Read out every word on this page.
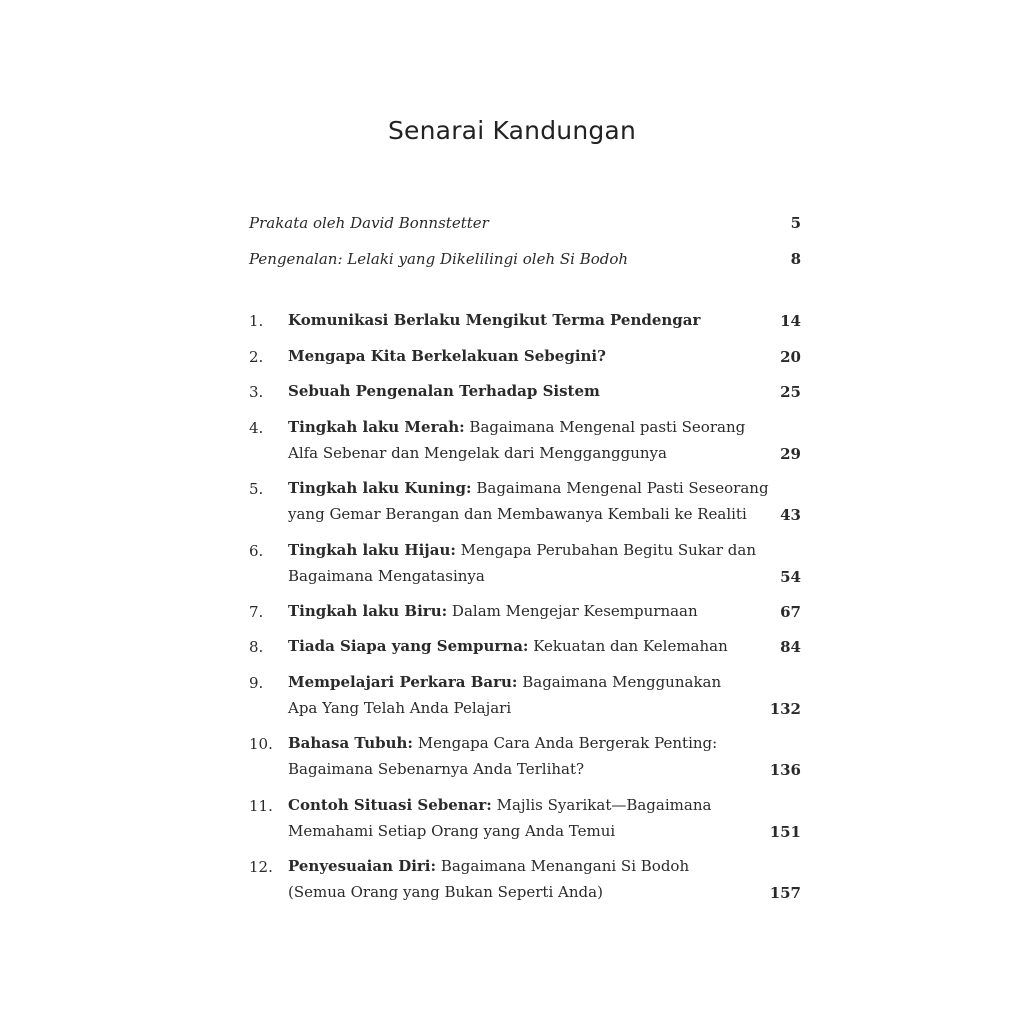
Senarai Kandungan
Prakata oleh David Bonnstetter	5
Pengenalan: Lelaki yang Dikelilingi oleh Si Bodoh	8
1. Komunikasi Berlaku Mengikut Terma Pendengar	14
2. Mengapa Kita Berkelakuan Sebegini?	20
3. Sebuah Pengenalan Terhadap Sistem	25
4. Tingkah laku Merah: Bagaimana Mengenal pasti Seorang
Alfa Sebenar dan Mengelak dari Mengganggunya	29
5. Tingkah laku Kuning: Bagaimana Mengenal Pasti Seseorang
yang Gemar Berangan dan Membawanya Kembali ke Realiti 43
6. Tingkah laku Hijau: Mengapa Perubahan Begitu Sukar dan
Bagaimana Mengatasinya	54
7. Tingkah laku Biru: Dalam Mengejar Kesempurnaan	67
8. Tiada Siapa yang Sempurna: Kekuatan dan Kelemahan	84
9. Mempelajari Perkara Baru: Bagaimana Menggunakan
Apa Yang Telah Anda Pelajari	132
10. Bahasa Tubuh: Mengapa Cara Anda Bergerak Penting:
Bagaimana Sebenarnya Anda Terlihat?	136
11. Contoh Situasi Sebenar: Majlis Syarikat—Bagaimana
Memahami Setiap Orang yang Anda Temui	151
12. Penyesuaian Diri: Bagaimana Menangani Si Bodoh
(Semua Orang yang Bukan Seperti Anda)	157
